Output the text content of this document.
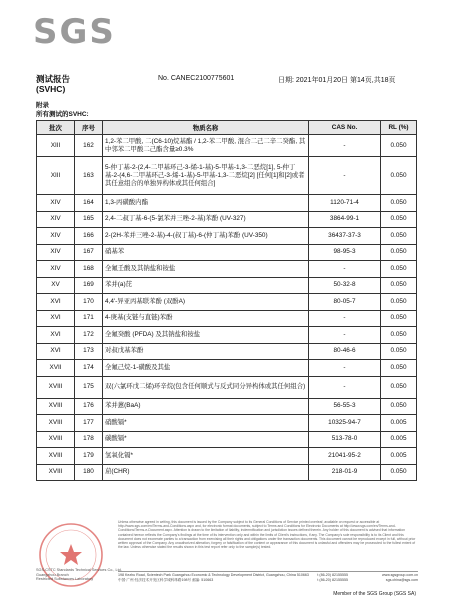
SGS
测试报告
(SVHC)
No. CANEC2100775601	日期: 2021年01月20日 第14页,共18页
附录
所有测试的SVHC:
批次	序号	物质名称	CAS No.	RL (%)
XIII	162	1,2-苯二甲酸, 二(C6-10)烷基酯 / 1,2-苯二甲酸, 混合二己二辛二癸酯, 其中邻苯二甲酸二己酯含量≥0.3%	-	0.050
XIII	163	5-仲丁基-2-(2,4-二甲基环己-3-烯-1-基)-5-甲基-1,3-二恶烷[1], 5-仲丁基-2-(4,6-二甲基环己-3-烯-1-基)-5-甲基-1,3-二恶烷[2] [任何[1]和[2]或者其任意组合的单独异构体或其任何组合]	-	0.050
XIV	164	1,3-丙磺酸内酯	1120-71-4	0.050
XIV	165	2,4-二叔丁基-6-(5-氯苯并三唑-2-基)苯酚 (UV-327)	3864-99-1	0.050
XIV	166	2-(2H-苯并三唑-2-基)-4-(叔丁基)-6-(仲丁基)苯酚 (UV-350)	36437-37-3	0.050
XIV	167	硝基苯	98-95-3	0.050
XIV	168	全氟壬酸及其钠盐和铵盐	-	0.050
XV	169	苯并(a)芘	50-32-8	0.050
XVI	170	4,4'-异亚丙基联苯酚 (双酚A)	80-05-7	0.050
XVI	171	4-庚基(支链与直链)苯酚	-	0.050
XVI	172	全氟癸酸 (PFDA) 及其钠盐和铵盐	-	0.050
XVI	173	对叔戊基苯酚	80-46-6	0.050
XVII	174	全氟己烷-1-磺酸及其盐	-	0.050
XVIII	175	双(六氯环戊二烯)环辛烷(包含任何顺式与反式同分异构体或其任何组合)	-	0.050
XVIII	176	苯并蒽(BaA)	56-55-3	0.050
XVIII	177	硝酸镉*	10325-94-7	0.005
XVIII	178	碳酸镉*	513-78-0	0.005
XVIII	179	氢氧化镉*	21041-95-2	0.005
XVIII	180	䓛(CHR)	218-01-9	0.050
SGS-CSTC Standards Technical Services Co., Ltd.
Guangzhou Branch
Restricted Substances Laboratory
Unless otherwise agreed in writing, this document is issued by the Company subject to its General Conditions of Service printed overleaf, available on request or accessible at http://www.sgs.com/en/Terms-and-Conditions.aspx and, for electronic format documents, subject to Terms and Conditions for Electronic Documents at http://www.sgs.com/en/Terms-and-Conditions/Terms-e-Document.aspx. Attention is drawn to the limitation of liability, indemnification and jurisdiction issues defined therein. Any holder of this document is advised that information contained hereon reflects the Company's findings at the time of its intervention only and within the limits of Client's instructions, if any. The Company's sole responsibility is to its Client and this document does not exonerate parties to a transaction from exercising all their rights and obligations under the transaction documents. This document cannot be reproduced except in full, without prior written approval of the Company. Any unauthorized alteration, forgery or falsification of the content or appearance of this document is unlawful and offenders may be prosecuted to the fullest extent of the law. Unless otherwise stated the results shown in this test report refer only to the sample(s) tested.
198 Kezhu Road, Scientech Park Guangzhou Economic & Technology Development District, Guangzhou, China 510663 t (86-20) 82155555	www.sgsgroup.com.cn
中国·广州·经济技术开发区科学城科珠路198号 邮编: 510663	t (86-20) 82155555	sgs.china@sgs.com
Member of the SGS Group (SGS SA)
